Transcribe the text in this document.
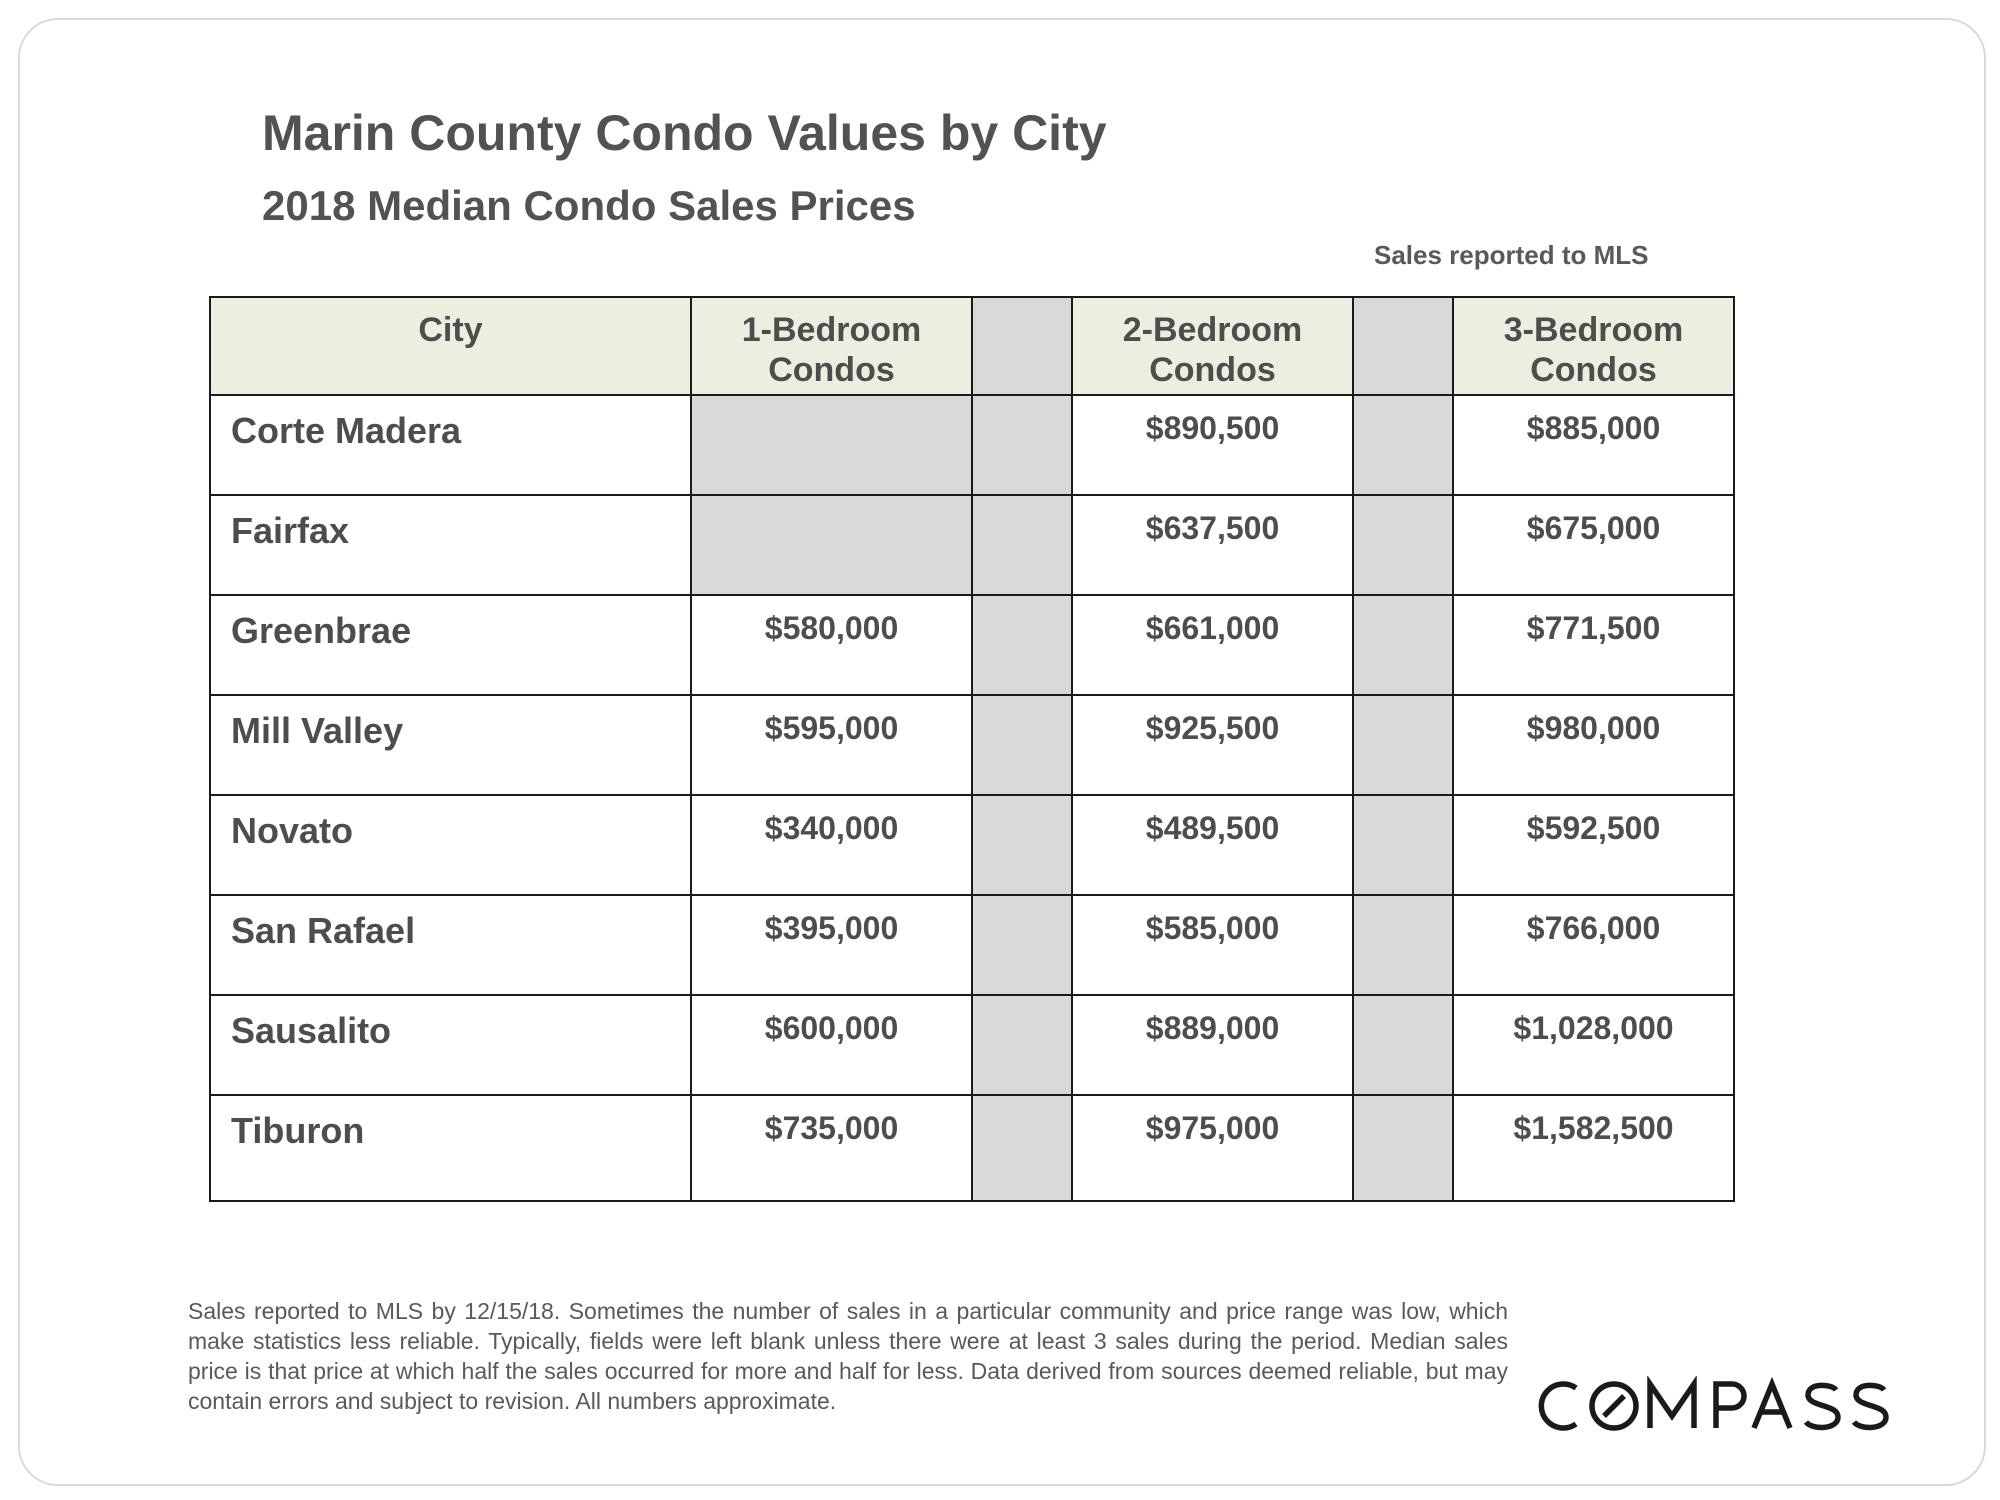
Marin County Condo Values by City
2018 Median Condo Sales Prices
Sales reported to MLS
City	1-Bedroom Condos		2-Bedroom Condos		3-Bedroom Condos
Corte Madera			$890,500		$885,000
Fairfax			$637,500		$675,000
Greenbrae	$580,000		$661,000		$771,500
Mill Valley	$595,000		$925,500		$980,000
Novato	$340,000		$489,500		$592,500
San Rafael	$395,000		$585,000		$766,000
Sausalito	$600,000		$889,000		$1,028,000
Tiburon	$735,000		$975,000		$1,582,500
Sales reported to MLS by 12/15/18. Sometimes the number of sales in a particular community and price range was low, which make statistics less reliable. Typically, fields were left blank unless there were at least 3 sales during the period. Median sales price is that price at which half the sales occurred for more and half for less. Data derived from sources deemed reliable, but may contain errors and subject to revision. All numbers approximate.
